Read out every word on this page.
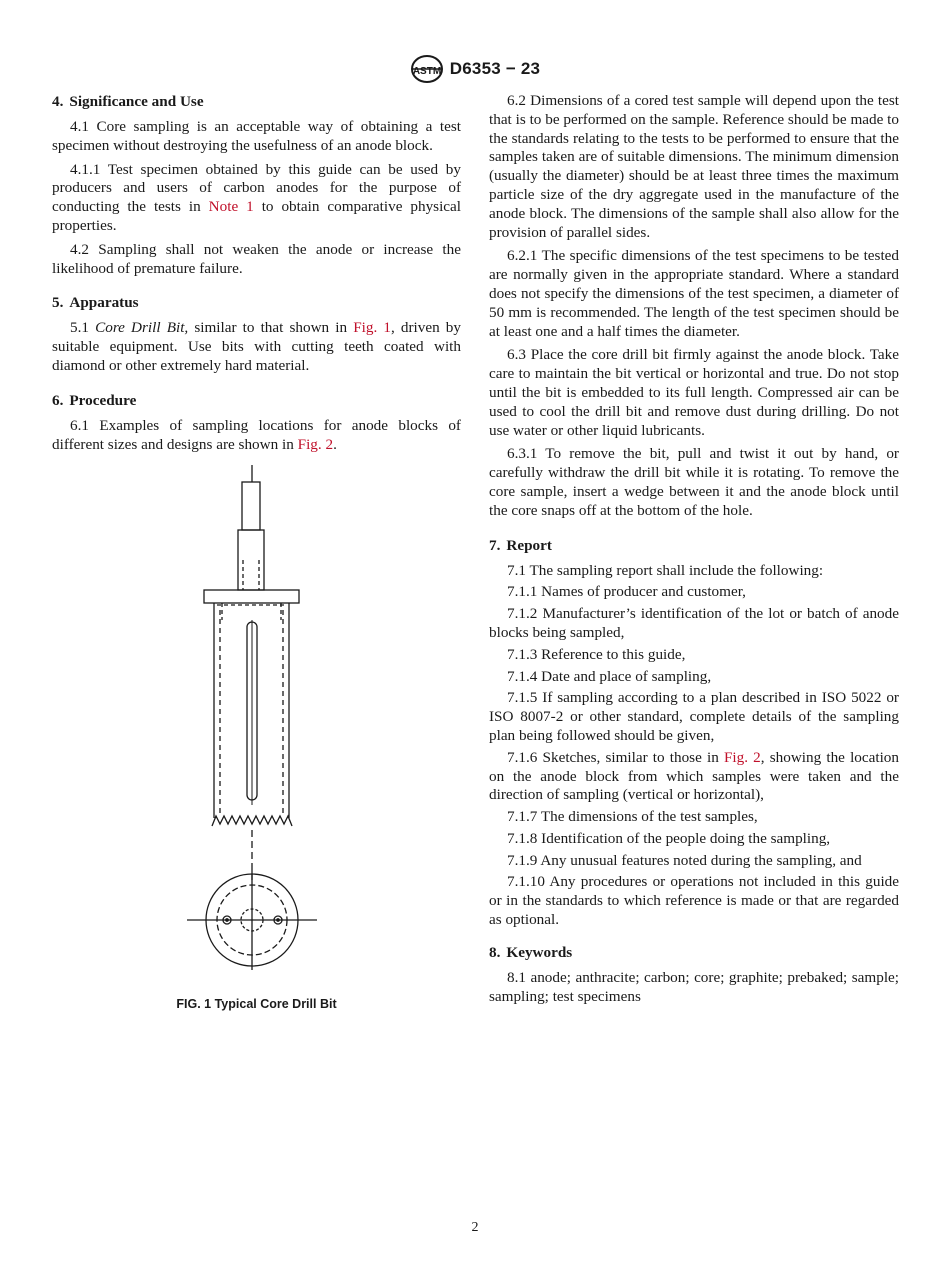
ASTM D6353 − 23
4. Significance and Use

4.1 Core sampling is an acceptable way of obtaining a test specimen without destroying the usefulness of an anode block.

4.1.1 Test specimen obtained by this guide can be used by producers and users of carbon anodes for the purpose of conducting the tests in Note 1 to obtain comparative physical properties.

4.2 Sampling shall not weaken the anode or increase the likelihood of premature failure.

5. Apparatus

5.1 Core Drill Bit, similar to that shown in Fig. 1, driven by suitable equipment. Use bits with cutting teeth coated with diamond or other extremely hard material.

6. Procedure

6.1 Examples of sampling locations for anode blocks of different sizes and designs are shown in Fig. 2.

FIG. 1 Typical Core Drill Bit

6.2 Dimensions of a cored test sample will depend upon the test that is to be performed on the sample. Reference should be made to the standards relating to the tests to be performed to ensure that the samples taken are of suitable dimensions. The minimum dimension (usually the diameter) should be at least three times the maximum particle size of the dry aggregate used in the manufacture of the anode block. The dimensions of the sample shall also allow for the provision of parallel sides.

6.2.1 The specific dimensions of the test specimens to be tested are normally given in the appropriate standard. Where a standard does not specify the dimensions of the test specimen, a diameter of 50 mm is recommended. The length of the test specimen should be at least one and a half times the diameter.

6.3 Place the core drill bit firmly against the anode block. Take care to maintain the bit vertical or horizontal and true. Do not stop until the bit is embedded to its full length. Compressed air can be used to cool the drill bit and remove dust during drilling. Do not use water or other liquid lubricants.

6.3.1 To remove the bit, pull and twist it out by hand, or carefully withdraw the drill bit while it is rotating. To remove the core sample, insert a wedge between it and the anode block until the core snaps off at the bottom of the hole.

7. Report

7.1 The sampling report shall include the following:

7.1.1 Names of producer and customer,

7.1.2 Manufacturer’s identification of the lot or batch of anode blocks being sampled,

7.1.3 Reference to this guide,

7.1.4 Date and place of sampling,

7.1.5 If sampling according to a plan described in ISO 5022 or ISO 8007-2 or other standard, complete details of the sampling plan being followed should be given,

7.1.6 Sketches, similar to those in Fig. 2, showing the location on the anode block from which samples were taken and the direction of sampling (vertical or horizontal),

7.1.7 The dimensions of the test samples,

7.1.8 Identification of the people doing the sampling,

7.1.9 Any unusual features noted during the sampling, and

7.1.10 Any procedures or operations not included in this guide or in the standards to which reference is made or that are regarded as optional.

8. Keywords

8.1 anode; anthracite; carbon; core; graphite; prebaked; sample; sampling; test specimens

2
